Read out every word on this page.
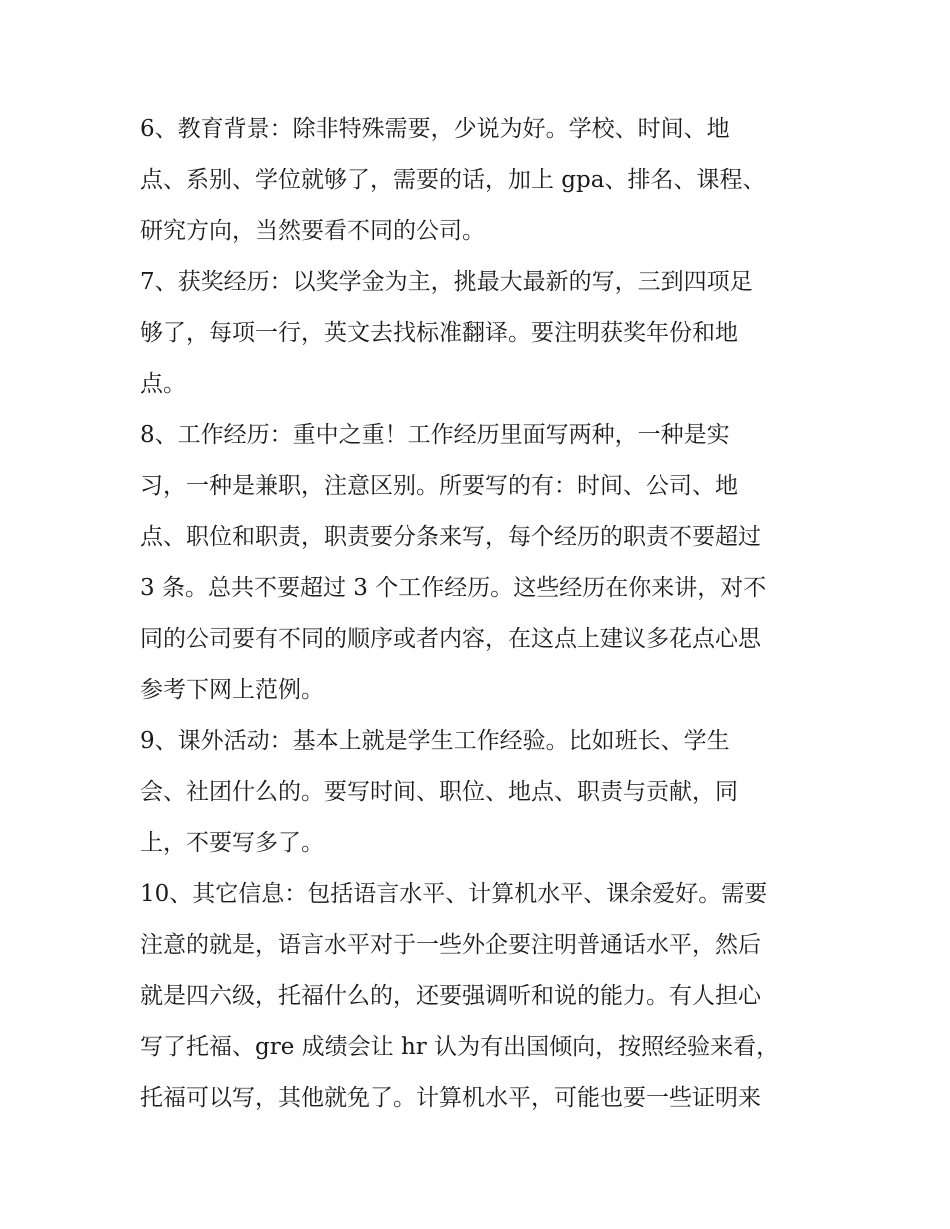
6、教育背景：除非特殊需要，少说为好。学校、时间、地
点、系别、学位就够了，需要的话，加上 gpa、排名、课程、
研究方向，当然要看不同的公司。
7、获奖经历：以奖学金为主，挑最大最新的写，三到四项足
够了，每项一行，英文去找标准翻译。要注明获奖年份和地
点。
8、工作经历：重中之重！工作经历里面写两种，一种是实
习，一种是兼职，注意区别。所要写的有：时间、公司、地
点、职位和职责，职责要分条来写，每个经历的职责不要超过
3 条。总共不要超过 3 个工作经历。这些经历在你来讲，对不
同的公司要有不同的顺序或者内容，在这点上建议多花点心思
参考下网上范例。
9、课外活动：基本上就是学生工作经验。比如班长、学生
会、社团什么的。要写时间、职位、地点、职责与贡献，同
上，不要写多了。
10、其它信息：包括语言水平、计算机水平、课余爱好。需要
注意的就是，语言水平对于一些外企要注明普通话水平，然后
就是四六级，托福什么的，还要强调听和说的能力。有人担心
写了托福、gre 成绩会让 hr 认为有出国倾向，按照经验来看，
托福可以写，其他就免了。计算机水平，可能也要一些证明来
